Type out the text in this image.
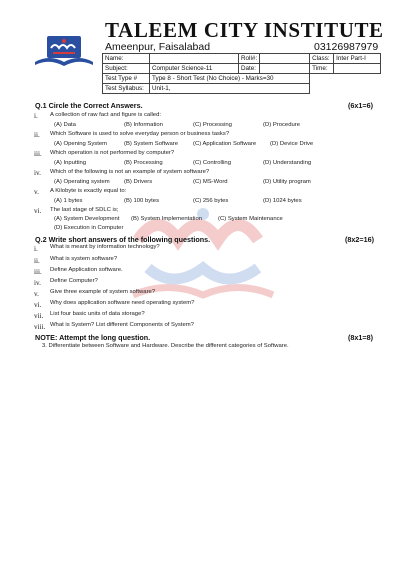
TALEEM CITY INSTITUTE
Ameenpur, Faisalabad	03126987979
Name:		Roll#:		Class:	Inter Part-I
Subject:	Computer Science-11	Date:		Time:	
Test Type #	Type 8 - Short Test (No Choice) - Marks=30				
Test Syllabus:	Unit-1,				
Q.1 Circle the Correct Answers.	(6x1=6)
i. A collection of raw fact and figure is called:
(A) Data	(B) Information	(C) Processing	(D) Procedure
ii. Which Software is used to solve everyday person or business tasks?
(A) Opening System	(B) System Software	(C) Application Software (D) Device Drive
iii. Which operation is not performed by computer?
(A) Inputting	(B) Processing	(C) Controlling	(D) Understanding
iv. Which of the following is not an example of system software?
(A) Operating system (B) Drivers	(C) MS-Word	(D) Utility program
v. A Kilobyte is exactly equal to:
(A) 1 bytes	(B) 100 bytes	(C) 256 bytes	(D) 1024 bytes
vi. The last stage of SDLC is;
(A) System Development (B) System Implementation	(C) System Maintenance
(D) Execution in Computer
Q.2 Write short answers of the following questions.	(8x2=16)
i. What is meant by information technology?
ii. What is system software?
iii. Define Application software.
iv. Define Computer?
v. Give three example of system software?
vi. Why does application software need operating system?
vii. List four basic units of data storage?
viii. What is System? List different Components of System?
NOTE: Attempt the long question.	(8x1=8)
3. Differentiate between Software and Hardware. Describe the different categories of Software.
